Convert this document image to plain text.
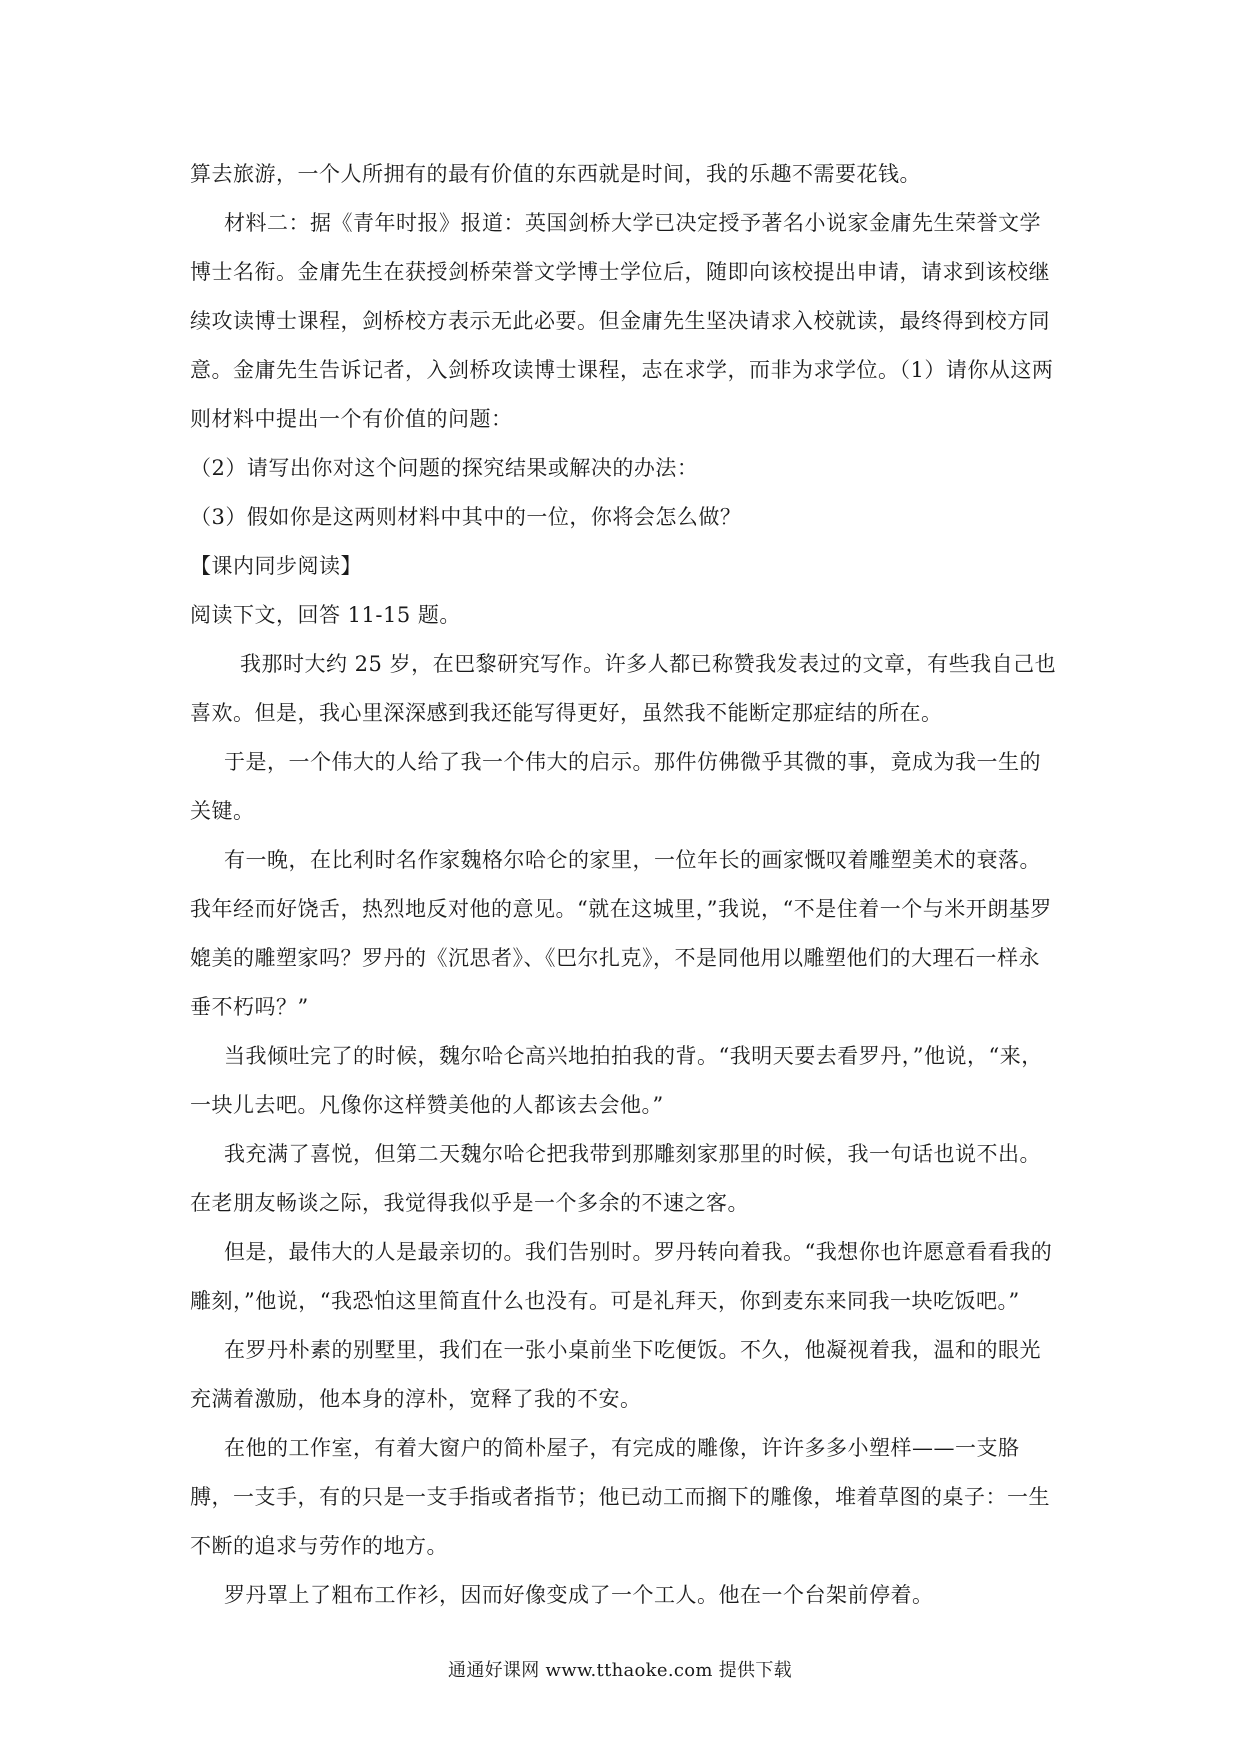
算去旅游，一个人所拥有的最有价值的东西就是时间，我的乐趣不需要花钱。

材料二：据《青年时报》报道：英国剑桥大学已决定授予著名小说家金庸先生荣誉文学博士名衔。金庸先生在获授剑桥荣誉文学博士学位后，随即向该校提出申请，请求到该校继续攻读博士课程，剑桥校方表示无此必要。但金庸先生坚决请求入校就读，最终得到校方同意。金庸先生告诉记者，入剑桥攻读博士课程，志在求学，而非为求学位。（1）请你从这两则材料中提出一个有价值的问题：

（2）请写出你对这个问题的探究结果或解决的办法：

（3）假如你是这两则材料中其中的一位，你将会怎么做？

【课内同步阅读】

阅读下文，回答 11-15 题。

我那时大约 25 岁，在巴黎研究写作。许多人都已称赞我发表过的文章，有些我自己也喜欢。但是，我心里深深感到我还能写得更好，虽然我不能断定那症结的所在。

于是，一个伟大的人给了我一个伟大的启示。那件仿佛微乎其微的事，竟成为我一生的关键。

有一晚，在比利时名作家魏格尔哈仑的家里，一位年长的画家慨叹着雕塑美术的衰落。我年经而好饶舌，热烈地反对他的意见。“就在这城里，”我说，“不是住着一个与米开朗基罗媲美的雕塑家吗？罗丹的《沉思者》、《巴尔扎克》，不是同他用以雕塑他们的大理石一样永垂不朽吗？”

当我倾吐完了的时候，魏尔哈仑高兴地拍拍我的背。“我明天要去看罗丹，”他说，“来，一块儿去吧。凡像你这样赞美他的人都该去会他。”

我充满了喜悦，但第二天魏尔哈仑把我带到那雕刻家那里的时候，我一句话也说不出。在老朋友畅谈之际，我觉得我似乎是一个多余的不速之客。

但是，最伟大的人是最亲切的。我们告别时。罗丹转向着我。“我想你也许愿意看看我的雕刻，”他说，“我恐怕这里简直什么也没有。可是礼拜天，你到麦东来同我一块吃饭吧。”

在罗丹朴素的别墅里，我们在一张小桌前坐下吃便饭。不久，他凝视着我，温和的眼光充满着激励，他本身的淳朴，宽释了我的不安。

在他的工作室，有着大窗户的简朴屋子，有完成的雕像，许许多多小塑样——一支胳膊，一支手，有的只是一支手指或者指节；他已动工而搁下的雕像，堆着草图的桌子：一生不断的追求与劳作的地方。

罗丹罩上了粗布工作衫，因而好像变成了一个工人。他在一个台架前停着。

通通好课网 www.tthaoke.com 提供下载
